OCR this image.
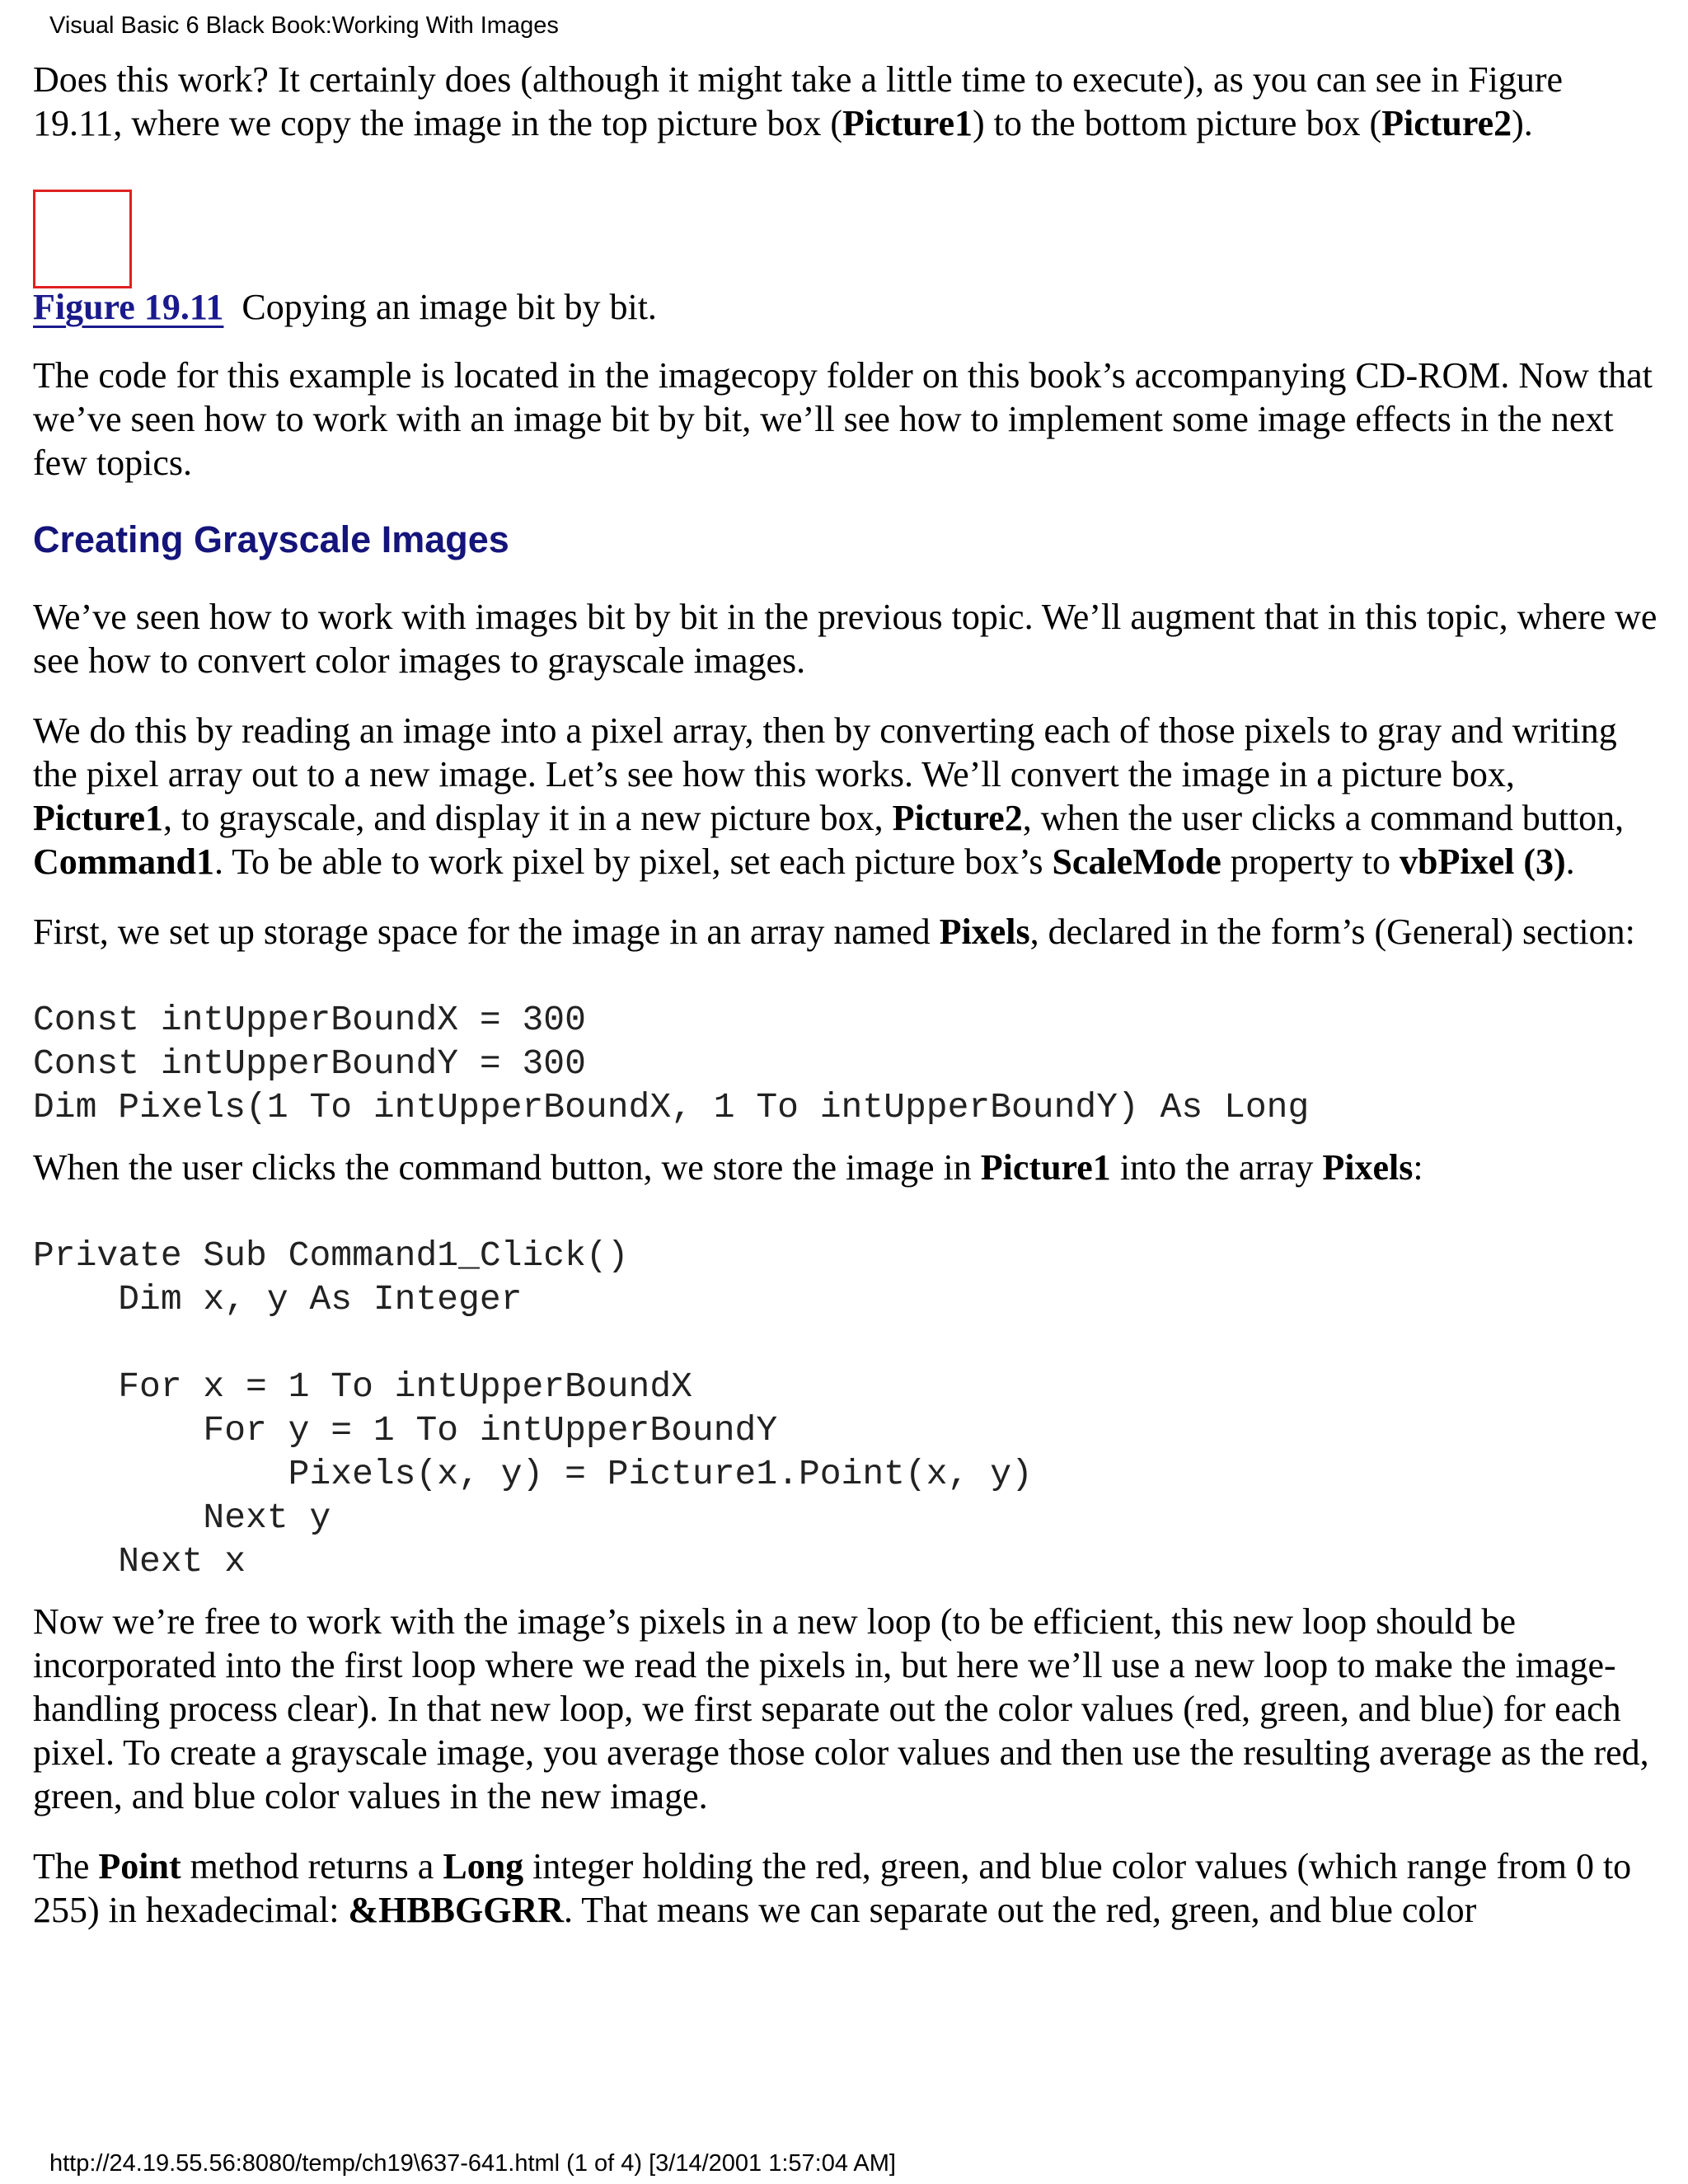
Visual Basic 6 Black Book:Working With Images

Does this work? It certainly does (although it might take a little time to execute), as you can see in Figure 19.11, where we copy the image in the top picture box (Picture1) to the bottom picture box (Picture2).

Figure 19.11 Copying an image bit by bit.

The code for this example is located in the imagecopy folder on this book’s accompanying CD-ROM. Now that we’ve seen how to work with an image bit by bit, we’ll see how to implement some image effects in the next few topics.

Creating Grayscale Images

We’ve seen how to work with images bit by bit in the previous topic. We’ll augment that in this topic, where we see how to convert color images to grayscale images.

We do this by reading an image into a pixel array, then by converting each of those pixels to gray and writing the pixel array out to a new image. Let’s see how this works. We’ll convert the image in a picture box, Picture1, to grayscale, and display it in a new picture box, Picture2, when the user clicks a command button, Command1. To be able to work pixel by pixel, set each picture box’s ScaleMode property to vbPixel (3).

First, we set up storage space for the image in an array named Pixels, declared in the form’s (General) section:

Const intUpperBoundX = 300
Const intUpperBoundY = 300
Dim Pixels(1 To intUpperBoundX, 1 To intUpperBoundY) As Long

When the user clicks the command button, we store the image in Picture1 into the array Pixels:

Private Sub Command1_Click()
Dim x, y As Integer

For x = 1 To intUpperBoundX
For y = 1 To intUpperBoundY
Pixels(x, y) = Picture1.Point(x, y)
Next y
Next x

Now we’re free to work with the image’s pixels in a new loop (to be efficient, this new loop should be incorporated into the first loop where we read the pixels in, but here we’ll use a new loop to make the image-handling process clear). In that new loop, we first separate out the color values (red, green, and blue) for each pixel. To create a grayscale image, you average those color values and then use the resulting average as the red, green, and blue color values in the new image.

The Point method returns a Long integer holding the red, green, and blue color values (which range from 0 to 255) in hexadecimal: &HBBGGRR. That means we can separate out the red, green, and blue color

http://24.19.55.56:8080/temp/ch19\637-641.html (1 of 4) [3/14/2001 1:57:04 AM]
